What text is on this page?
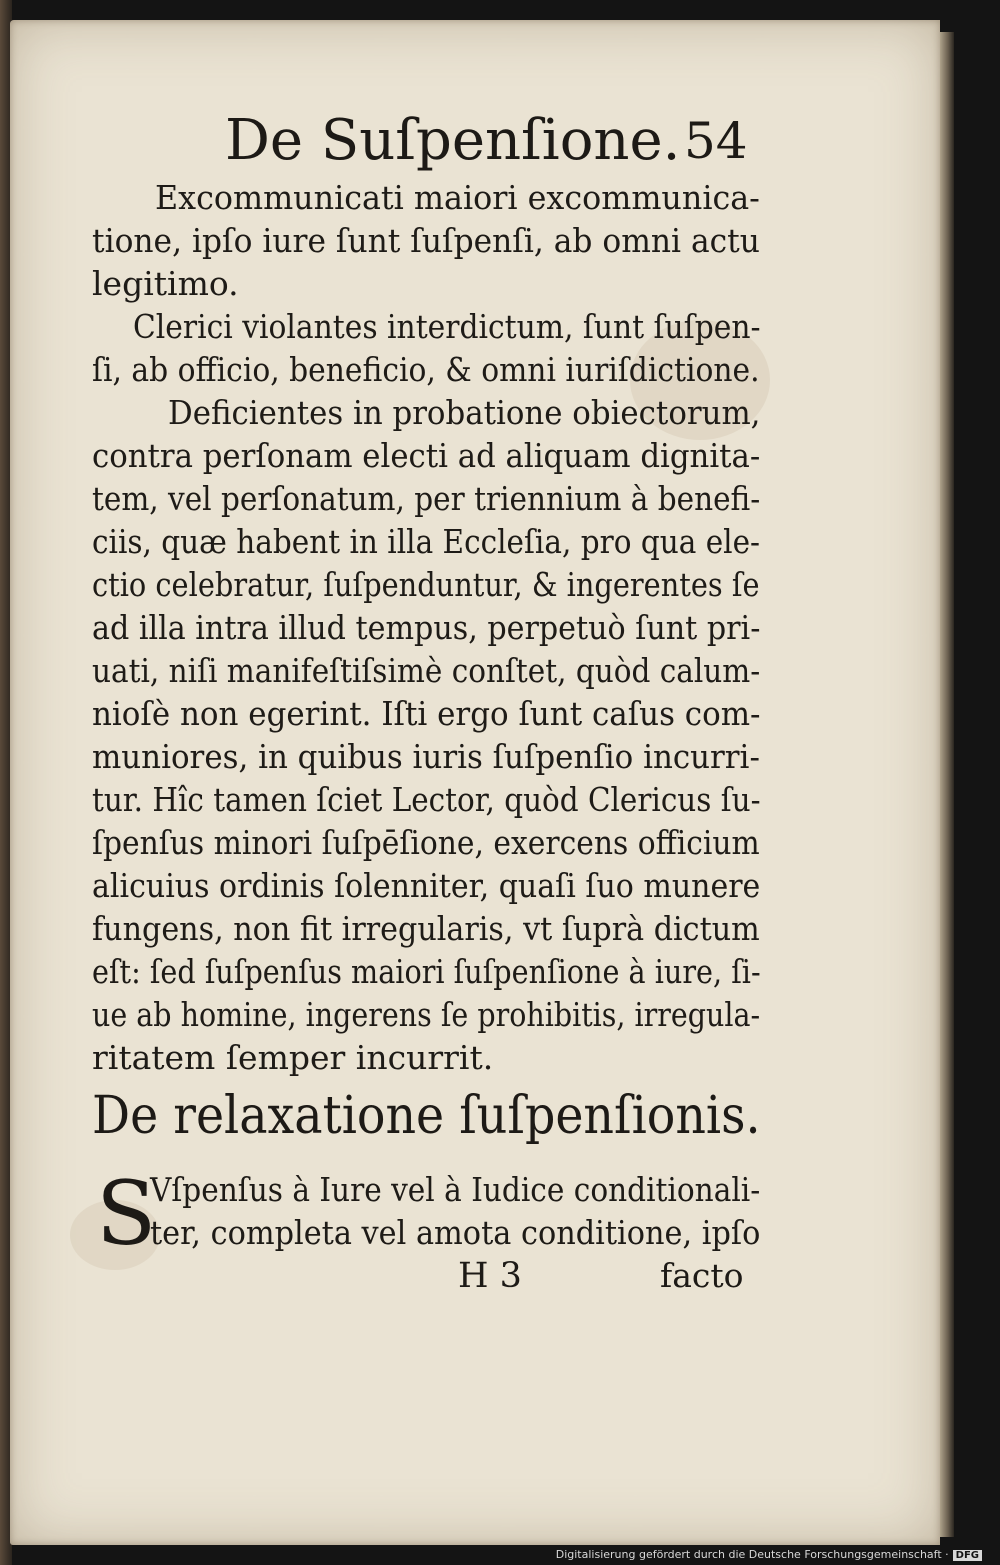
De Suſpenſione. 54
Excommunicati maiori excommunica-
tione, ipſo iure ſunt ſuſpenſi, ab omni actu
legitimo.
Clerici violantes interdictum, ſunt ſuſpen-
ſi, ab officio, beneficio, & omni iuriſdictione.
Deficientes in probatione obiectorum,
contra perſonam electi ad aliquam dignita-
tem, vel perſonatum, per triennium à benefi-
ciis, quæ habent in illa Eccleſia, pro qua ele-
ctio celebratur, ſuſpenduntur, & ingerentes ſe
ad illa intra illud tempus, perpetuò ſunt pri-
uati, niſi manifeſtiſsimè conſtet, quòd calum-
nioſè non egerint. Iſti ergo ſunt caſus com-
muniores, in quibus iuris ſuſpenſio incurri-
tur. Hîc tamen ſciet Lector, quòd Clericus ſu-
ſpenſus minori ſuſpēſione, exercens officium
alicuius ordinis ſolenniter, quaſi ſuo munere
fungens, non fit irregularis, vt ſuprà dictum
eſt: ſed ſuſpenſus maiori ſuſpenſione à iure, ſi-
ue ab homine, ingerens ſe prohibitis, irregula-
ritatem ſemper incurrit.
De relaxatione ſuſpenſionis.
S
Vſpenſus à Iure vel à Iudice conditionali-
ter, completa vel amota conditione, ipſo
H 3	facto
Digitalisierung gefördert durch die Deutsche Forschungsgemeinschaft · DFG
